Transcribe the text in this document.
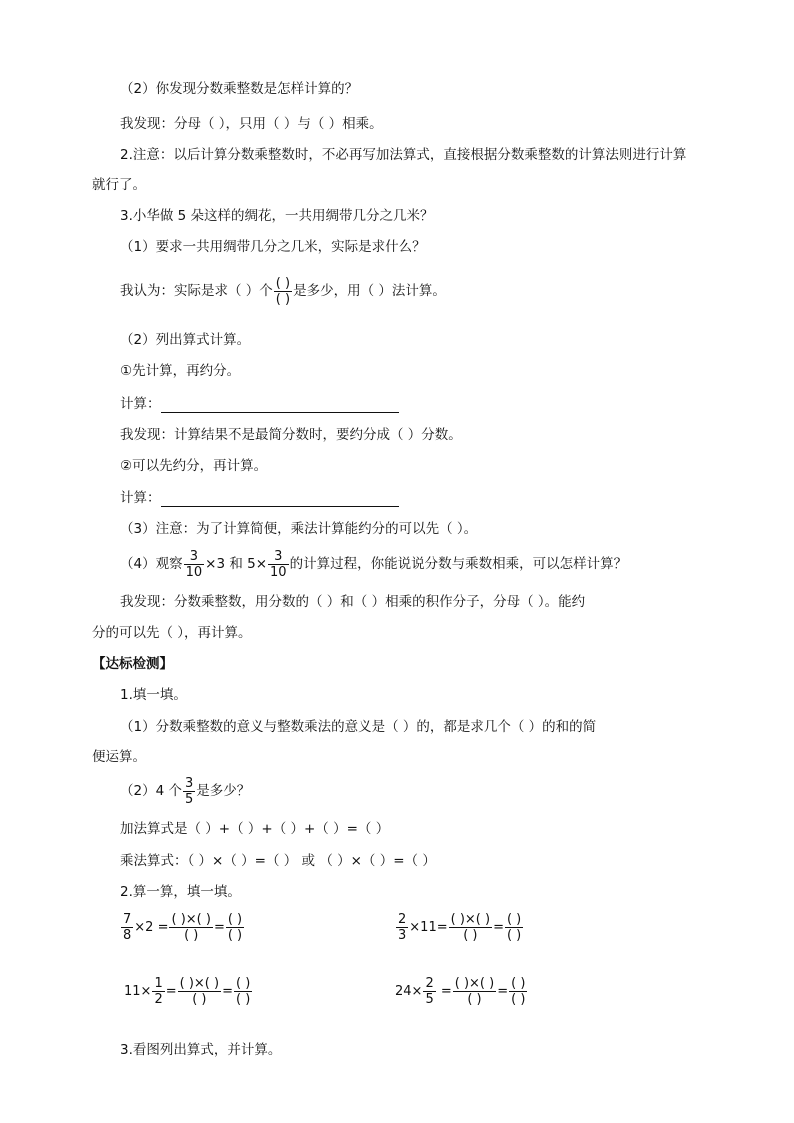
（2）你发现分数乘整数是怎样计算的？
我发现：分母（ ），只用（ ）与（ ）相乘。
2.注意：以后计算分数乘整数时，不必再写加法算式，直接根据分数乘整数的计算法则进行计算
就行了。
3.小华做 5 朵这样的绸花，一共用绸带几分之几米？
（1）要求一共用绸带几分之几米，实际是求什么？
我认为：实际是求（ ）个 $\frac{( )}{( )}$ 是多少，用（ ）法计算。
（2）列出算式计算。
①先计算，再约分。
计算：
我发现：计算结果不是最简分数时，要约分成（ ）分数。
②可以先约分，再计算。
计算：
（3）注意：为了计算简便，乘法计算能约分的可以先（ ）。
（4）观察 $\frac{3}{10} \times 3$ 和 $5\times \frac{3}{10}$ 的计算过程，你能说说分数与乘数相乘，可以怎样计算？
我发现：分数乘整数，用分数的（ ）和（ ）相乘的积作分子，分母（ ）。能约
分的可以先（ ），再计算。
【达标检测】
1.填一填。
（1）分数乘整数的意义与整数乘法的意义是（ ）的，都是求几个（ ）的和的简
便运算。
（2）4 个 $\frac{3}{5}$ 是多少？
加法算式是（ ）+（ ）+（ ）+（ ）=（ ）
乘法算式：（ ）×（ ）=（ ） 或 （ ）×（ ）=（ ）
2.算一算，填一填。
$\frac{7}{8} \times 2 = \frac{( )\times( )}{( )} = \frac{( )}{( )}$	$\frac{2}{3} \times 11= \frac{( )\times( )}{( )} = \frac{( )}{( )}$
$11\times \frac{1}{2} = \frac{( )\times( )}{( )} = \frac{( )}{( )}$	$24\times \frac{2}{5} = \frac{( )\times( )}{( )} = \frac{( )}{( )}$
3.看图列出算式，并计算。
